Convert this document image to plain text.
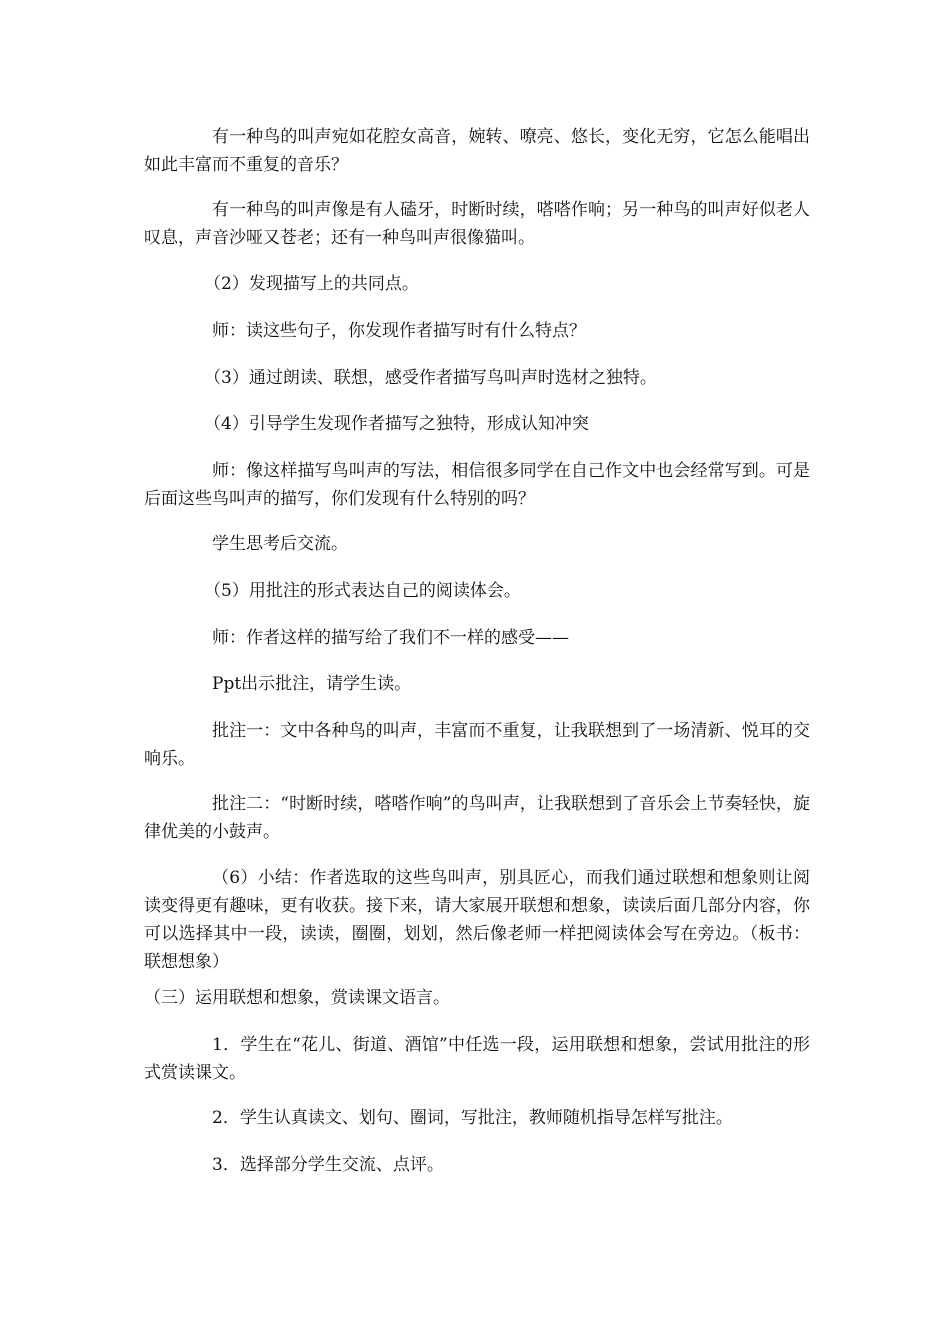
有一种鸟的叫声宛如花腔女高音，婉转、嘹亮、悠长，变化无穷，它怎么能唱出如此丰富而不重复的音乐？

有一种鸟的叫声像是有人磕牙，时断时续，嗒嗒作响；另一种鸟的叫声好似老人叹息，声音沙哑又苍老；还有一种鸟叫声很像猫叫。

（2）发现描写上的共同点。

师：读这些句子，你发现作者描写时有什么特点？

（3）通过朗读、联想，感受作者描写鸟叫声时选材之独特。

（4）引导学生发现作者描写之独特，形成认知冲突

师：像这样描写鸟叫声的写法，相信很多同学在自己作文中也会经常写到。可是后面这些鸟叫声的描写，你们发现有什么特别的吗？

学生思考后交流。

（5）用批注的形式表达自己的阅读体会。

师：作者这样的描写给了我们不一样的感受——

Ppt出示批注，请学生读。

批注一：文中各种鸟的叫声，丰富而不重复，让我联想到了一场清新、悦耳的交响乐。

批注二：“时断时续，嗒嗒作响”的鸟叫声，让我联想到了音乐会上节奏轻快，旋律优美的小鼓声。

（6）小结：作者选取的这些鸟叫声，别具匠心，而我们通过联想和想象则让阅读变得更有趣味，更有收获。接下来，请大家展开联想和想象，读读后面几部分内容，你可以选择其中一段，读读，圈圈，划划，然后像老师一样把阅读体会写在旁边。（板书：联想想象）

（三）运用联想和想象，赏读课文语言。

1．学生在“花儿、街道、酒馆”中任选一段，运用联想和想象，尝试用批注的形式赏读课文。

2．学生认真读文、划句、圈词，写批注，教师随机指导怎样写批注。

3．选择部分学生交流、点评。
